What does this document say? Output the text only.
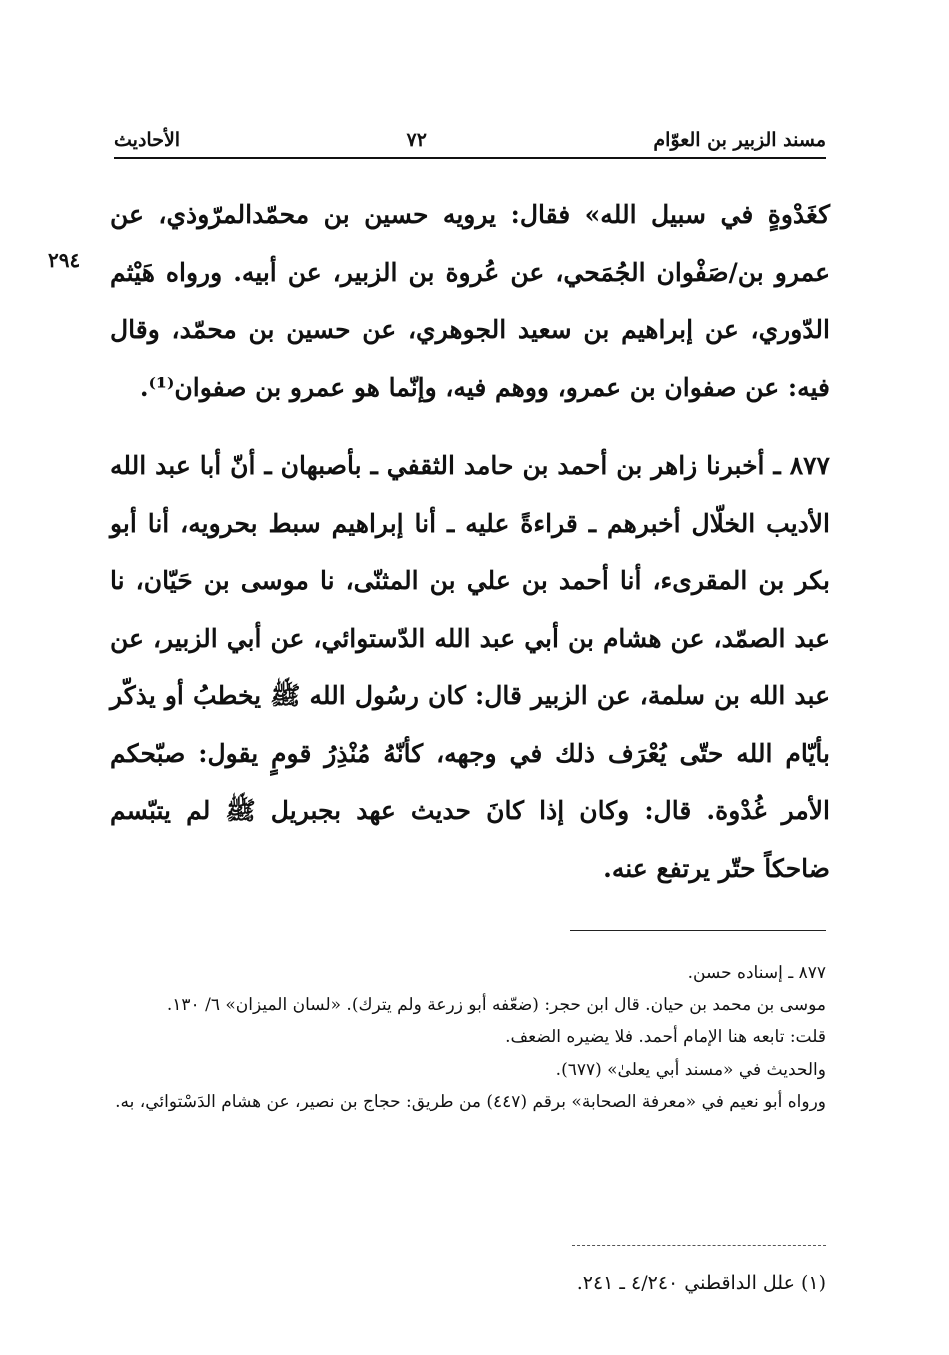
مسند الزبير بن العوّام
٧٢
الأحاديث
٢٩٤

كغَدْوةٍ في سبيل الله» فقال: يرويه حسين بن محمّدالمرّوذي، عن عمرو بن/صَفْوان الجُمَحي، عن عُروة بن الزبير، عن أبيه. ورواه هَيْثم الدّوري، عن إبراهيم بن سعيد الجوهري، عن حسين بن محمّد، وقال فيه: عن صفوان بن عمرو، ووهم فيه، وإنّما هو عمرو بن صفوان⁽¹⁾.

٨٧٧ ـ أخبرنا زاهر بن أحمد بن حامد الثقفي ـ بأصبهان ـ أنّ أبا عبد الله الأديب الخلّال أخبرهم ـ قراءةً عليه ـ أنا إبراهيم سبط بحرويه، أنا أبو بكر بن المقرىء، أنا أحمد بن علي بن المثنّى، نا موسى بن حَيّان، نا عبد الصمّد، عن هشام بن أبي عبد الله الدّستوائي، عن أبي الزبير، عن عبد الله بن سلمة، عن الزبير قال: كان رسُول الله ﷺ يخطبُ أو يذكّر بأيّام الله حتّى يُعْرَف ذلك في وجهه، كأنّهُ مُنْذِرُ قومٍ يقول: صبّحكم الأمر غُدْوة. قال: وكان إذا كانَ حديث عهد بجبريل ﷺ لم يتبّسم ضاحكاً حتّر يرتفع عنه.

٨٧٧ ـ إسناده حسن.

موسى بن محمد بن حيان. قال ابن حجر: (ضعّفه أبو زرعة ولم يترك). «لسان الميزان» ٦/ ١٣٠.

قلت: تابعه هنا الإمام أحمد. فلا يضيره الضعف.

والحديث في «مسند أبي يعلىٰ» (٦٧٧).

ورواه أبو نعيم في «معرفة الصحابة» برقم (٤٤٧) من طريق: حجاج بن نصير، عن هشام الدَسْتوائي، به.

(١) علل الداقطني ٤/٢٤٠ ـ ٢٤١.
